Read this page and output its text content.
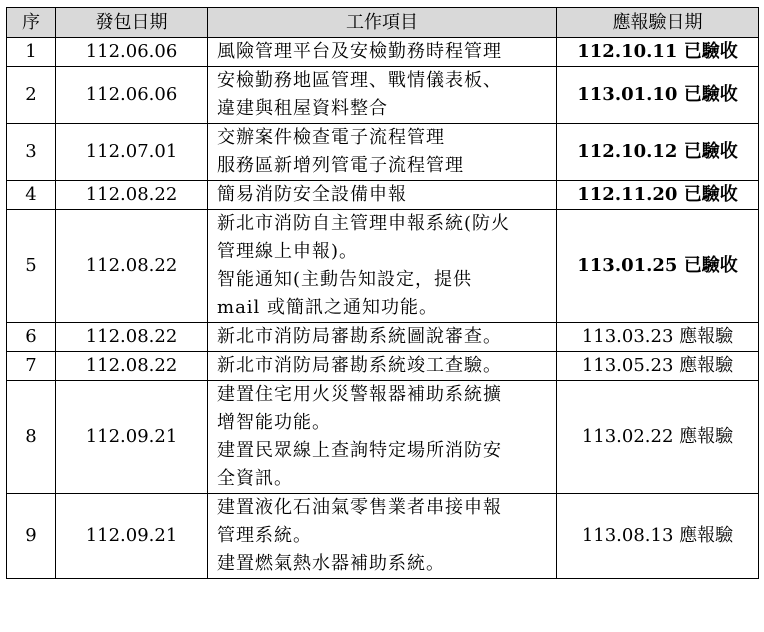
序	發包日期	工作項目	應報驗日期
1	112.06.06	風險管理平台及安檢勤務時程管理	112.10.11 已驗收
2	112.06.06	安檢勤務地區管理、戰情儀表板、
違建與租屋資料整合	113.01.10 已驗收
3	112.07.01	交辦案件檢查電子流程管理
服務區新增列管電子流程管理	112.10.12 已驗收
4	112.08.22	簡易消防安全設備申報	112.11.20 已驗收
5	112.08.22	新北市消防自主管理申報系統(防火
管理線上申報)。
智能通知(主動告知設定，提供
mail 或簡訊之通知功能。	113.01.25 已驗收
6	112.08.22	新北市消防局審勘系統圖說審查。	113.03.23 應報驗
7	112.08.22	新北市消防局審勘系統竣工查驗。	113.05.23 應報驗
8	112.09.21	建置住宅用火災警報器補助系統擴
增智能功能。
建置民眾線上查詢特定場所消防安
全資訊。	113.02.22 應報驗
9	112.09.21	建置液化石油氣零售業者串接申報
管理系統。
建置燃氣熱水器補助系統。	113.08.13 應報驗
